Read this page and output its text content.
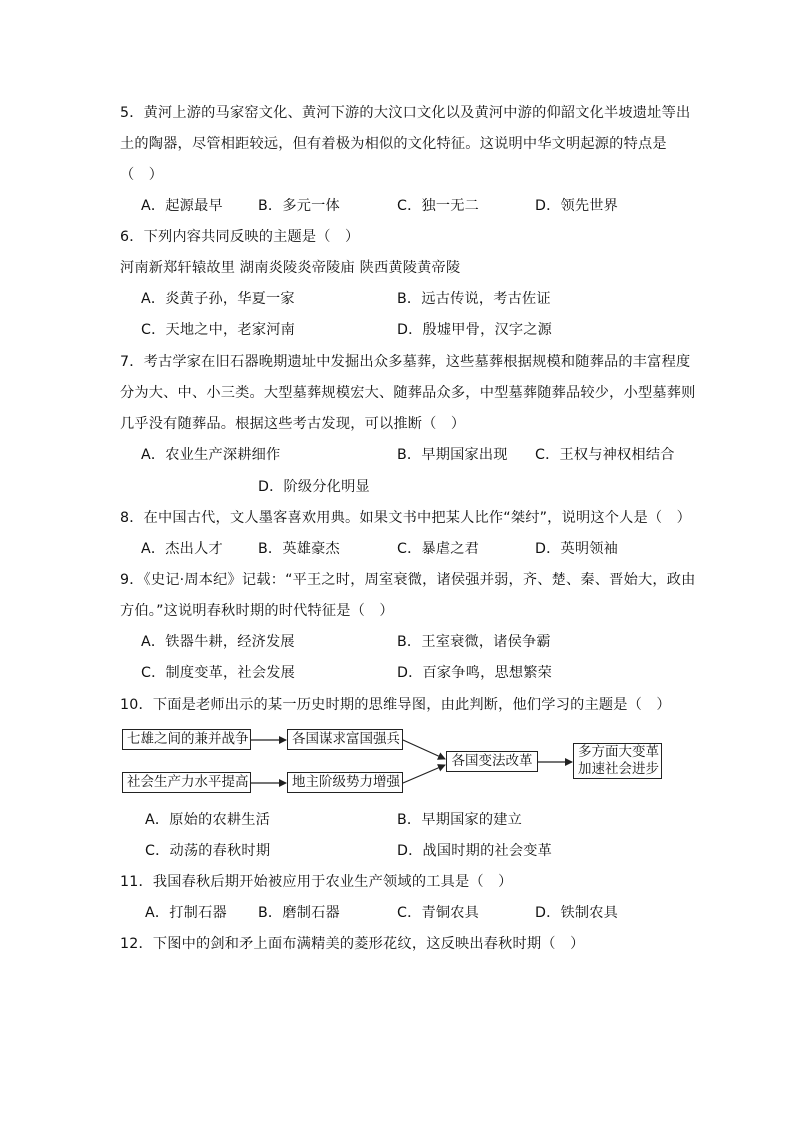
5．黄河上游的马家窑文化、黄河下游的大汶口文化以及黄河中游的仰韶文化半坡遗址等出
土的陶器，尽管相距较远，但有着极为相似的文化特征。这说明中华文明起源的特点是
（　）
A．起源最早 B．多元一体	C．独一无二	D．领先世界
6．下列内容共同反映的主题是（　）
河南新郑轩辕故里 湖南炎陵炎帝陵庙 陕西黄陵黄帝陵
A．炎黄子孙，华夏一家	B．远古传说，考古佐证
C．天地之中，老家河南	D．殷墟甲骨，汉字之源
7．考古学家在旧石器晚期遗址中发掘出众多墓葬，这些墓葬根据规模和随葬品的丰富程度
分为大、中、小三类。大型墓葬规模宏大、随葬品众多，中型墓葬随葬品较少，小型墓葬则
几乎没有随葬品。根据这些考古发现，可以推断（　）
A．农业生产深耕细作	B．早期国家出现 C．王权与神权相结合
D．阶级分化明显
8．在中国古代，文人墨客喜欢用典。如果文书中把某人比作“桀纣”，说明这个人是（　）
A．杰出人才 B．英雄豪杰	C．暴虐之君	D．英明领袖
9．《史记·周本纪》记载：“平王之时，周室衰微，诸侯强并弱，齐、楚、秦、晋始大，政由
方伯。”这说明春秋时期的时代特征是（　）
A．铁器牛耕，经济发展	B．王室衰微，诸侯争霸
C．制度变革，社会发展	D．百家争鸣，思想繁荣
10．下面是老师出示的某一历史时期的思维导图，由此判断，他们学习的主题是（　）
七雄之间的兼并战争	各国谋求富国强兵
社会生产力水平提高	地主阶级势力增强
各国变法改革
多方面大变革
加速社会进步
A．原始的农耕生活	B．早期国家的建立
C．动荡的春秋时期	D．战国时期的社会变革
11．我国春秋后期开始被应用于农业生产领域的工具是（　）
A．打制石器 B．磨制石器	C．青铜农具	D．铁制农具
12．下图中的剑和矛上面布满精美的菱形花纹，这反映出春秋时期（　）
